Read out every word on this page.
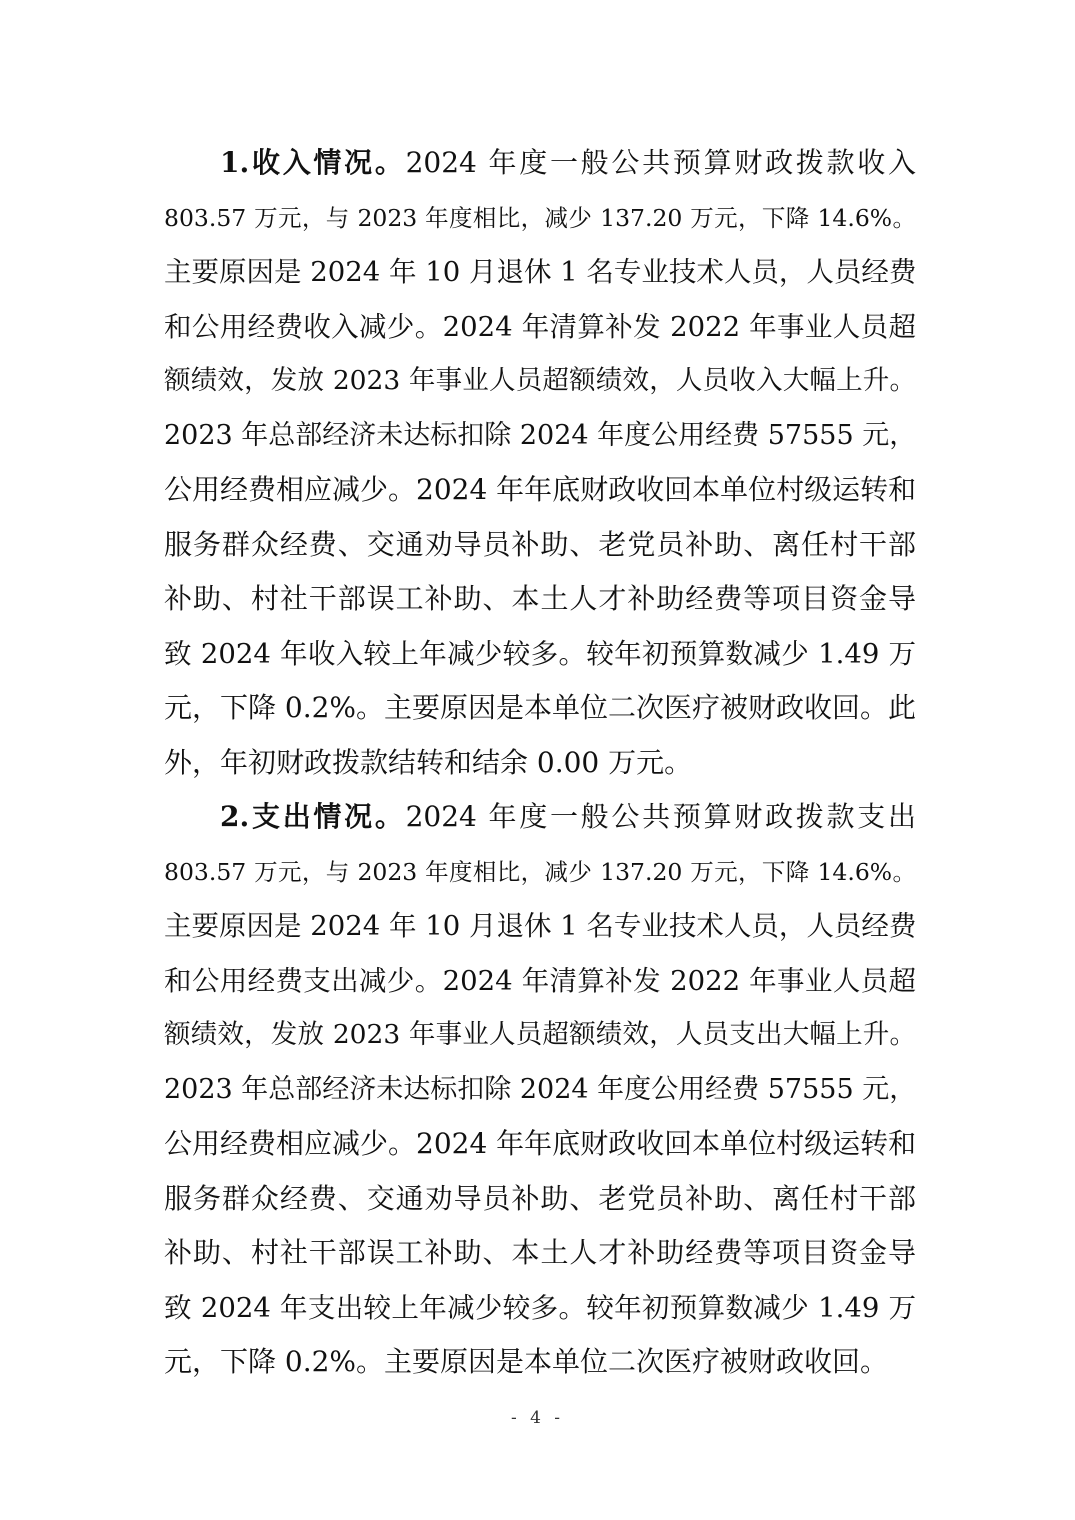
1.收入情况。2024 年度一般公共预算财政拨款收入
803.57 万元，与 2023 年度相比，减少 137.20 万元，下降 14.6%。
主要原因是 2024 年 10 月退休 1 名专业技术人员，人员经费
和公用经费收入减少。2024 年清算补发 2022 年事业人员超
额绩效，发放 2023 年事业人员超额绩效，人员收入大幅上升。
2023 年总部经济未达标扣除 2024 年度公用经费 57555 元，
公用经费相应减少。2024 年年底财政收回本单位村级运转和
服务群众经费、交通劝导员补助、老党员补助、离任村干部
补助、村社干部误工补助、本土人才补助经费等项目资金导
致 2024 年收入较上年减少较多。较年初预算数减少 1.49 万
元，下降 0.2%。主要原因是本单位二次医疗被财政收回。此
外，年初财政拨款结转和结余 0.00 万元。
2.支出情况。2024 年度一般公共预算财政拨款支出
803.57 万元，与 2023 年度相比，减少 137.20 万元，下降 14.6%。
主要原因是 2024 年 10 月退休 1 名专业技术人员，人员经费
和公用经费支出减少。2024 年清算补发 2022 年事业人员超
额绩效，发放 2023 年事业人员超额绩效，人员支出大幅上升。
2023 年总部经济未达标扣除 2024 年度公用经费 57555 元，
公用经费相应减少。2024 年年底财政收回本单位村级运转和
服务群众经费、交通劝导员补助、老党员补助、离任村干部
补助、村社干部误工补助、本土人才补助经费等项目资金导
致 2024 年支出较上年减少较多。较年初预算数减少 1.49 万
元，下降 0.2%。主要原因是本单位二次医疗被财政收回。
- 4 -
